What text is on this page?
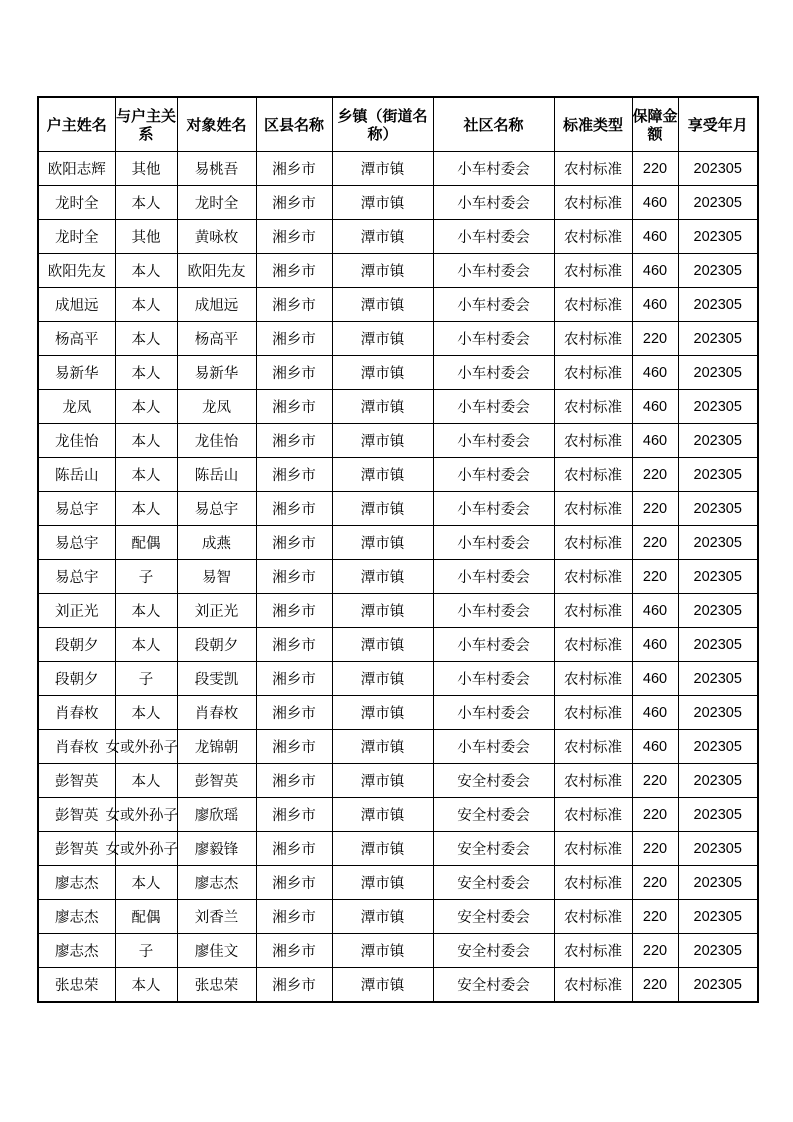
户主姓名	与户主关系	对象姓名	区县名称	乡镇（街道名称）	社区名称	标准类型	保障金额	享受年月
欧阳志辉	其他	易桃吾	湘乡市	潭市镇	小车村委会	农村标准	220	202305
龙时全	本人	龙时全	湘乡市	潭市镇	小车村委会	农村标准	460	202305
龙时全	其他	黄咏枚	湘乡市	潭市镇	小车村委会	农村标准	460	202305
欧阳先友	本人	欧阳先友	湘乡市	潭市镇	小车村委会	农村标准	460	202305
成旭远	本人	成旭远	湘乡市	潭市镇	小车村委会	农村标准	460	202305
杨高平	本人	杨高平	湘乡市	潭市镇	小车村委会	农村标准	220	202305
易新华	本人	易新华	湘乡市	潭市镇	小车村委会	农村标准	460	202305
龙凤	本人	龙凤	湘乡市	潭市镇	小车村委会	农村标准	460	202305
龙佳怡	本人	龙佳怡	湘乡市	潭市镇	小车村委会	农村标准	460	202305
陈岳山	本人	陈岳山	湘乡市	潭市镇	小车村委会	农村标准	220	202305
易总宇	本人	易总宇	湘乡市	潭市镇	小车村委会	农村标准	220	202305
易总宇	配偶	成燕	湘乡市	潭市镇	小车村委会	农村标准	220	202305
易总宇	子	易智	湘乡市	潭市镇	小车村委会	农村标准	220	202305
刘正光	本人	刘正光	湘乡市	潭市镇	小车村委会	农村标准	460	202305
段朝夕	本人	段朝夕	湘乡市	潭市镇	小车村委会	农村标准	460	202305
段朝夕	子	段雯凯	湘乡市	潭市镇	小车村委会	农村标准	460	202305
肖春枚	本人	肖春枚	湘乡市	潭市镇	小车村委会	农村标准	460	202305
肖春枚	女或外孙子	龙锦朝	湘乡市	潭市镇	小车村委会	农村标准	460	202305
彭智英	本人	彭智英	湘乡市	潭市镇	安全村委会	农村标准	220	202305
彭智英	女或外孙子	廖欣瑶	湘乡市	潭市镇	安全村委会	农村标准	220	202305
彭智英	女或外孙子	廖毅锋	湘乡市	潭市镇	安全村委会	农村标准	220	202305
廖志杰	本人	廖志杰	湘乡市	潭市镇	安全村委会	农村标准	220	202305
廖志杰	配偶	刘香兰	湘乡市	潭市镇	安全村委会	农村标准	220	202305
廖志杰	子	廖佳文	湘乡市	潭市镇	安全村委会	农村标准	220	202305
张忠荣	本人	张忠荣	湘乡市	潭市镇	安全村委会	农村标准	220	202305
